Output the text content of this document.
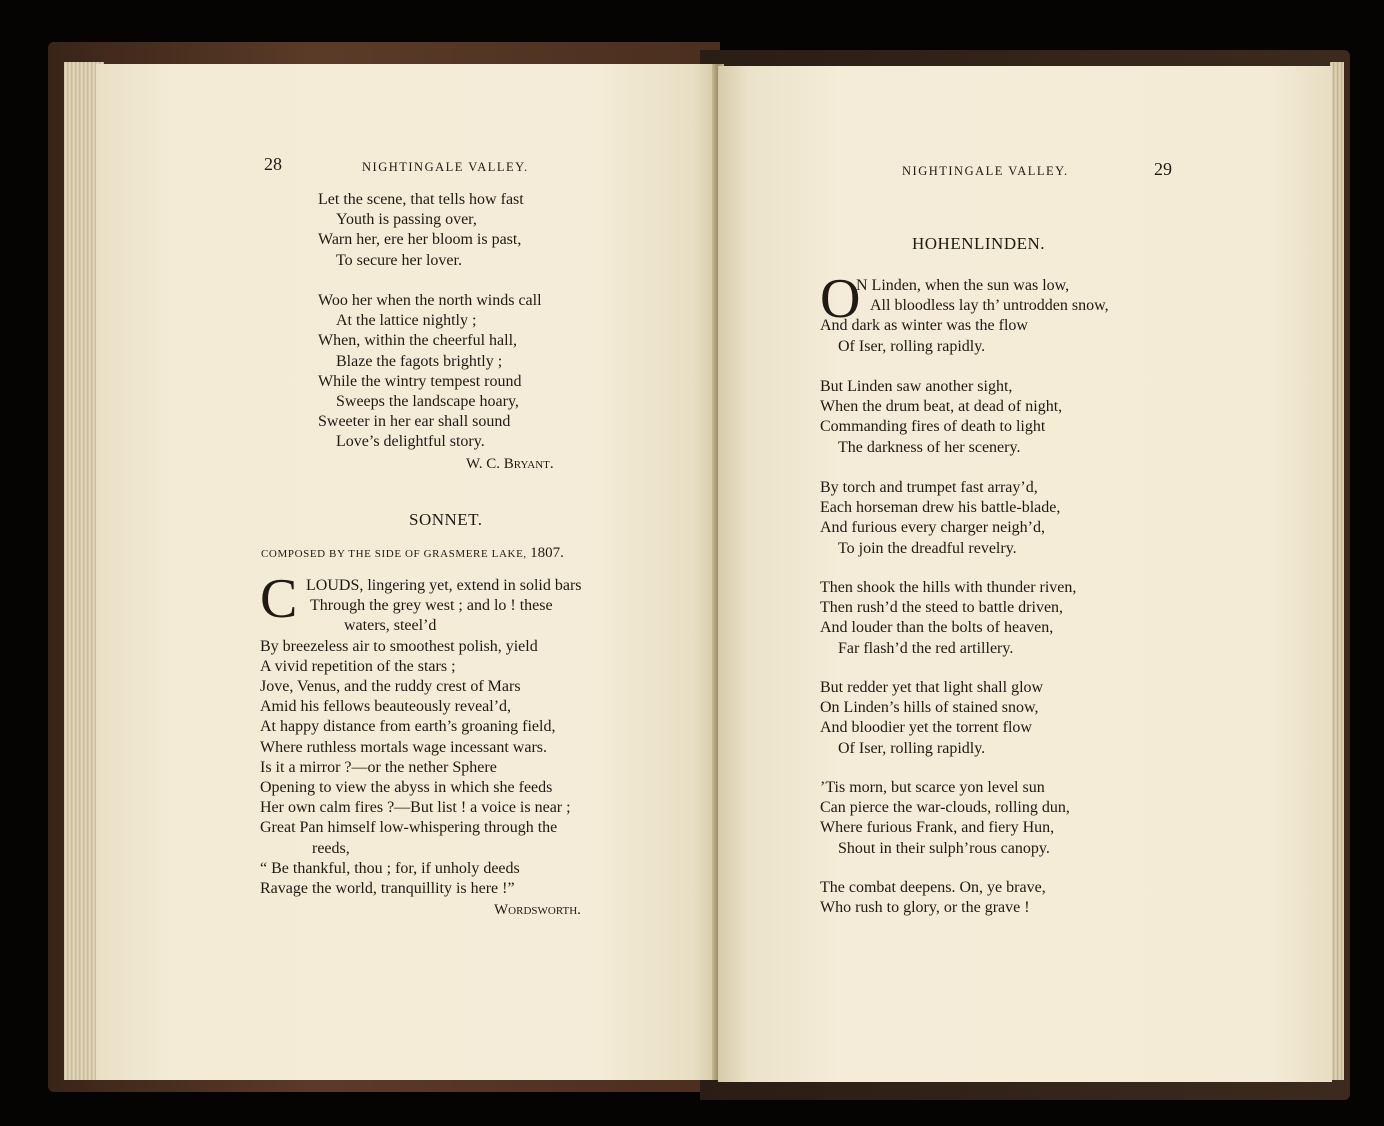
28	NIGHTINGALE VALLEY.
Let the scene, that tells how fast
Youth is passing over,
Warn her, ere her bloom is past,
To secure her lover.
Woo her when the north winds call
At the lattice nightly ;
When, within the cheerful hall,
Blaze the fagots brightly ;
While the wintry tempest round
Sweeps the landscape hoary,
Sweeter in her ear shall sound
Love’s delightful story.
W. C. Bryant.
SONNET.
COMPOSED BY THE SIDE OF GRASMERE LAKE, 1807.
C LOUDS, lingering yet, extend in solid bars
Through the grey west ; and lo ! these
waters, steel’d
By breezeless air to smoothest polish, yield
A vivid repetition of the stars ;
Jove, Venus, and the ruddy crest of Mars
Amid his fellows beauteously reveal’d,
At happy distance from earth’s groaning field,
Where ruthless mortals wage incessant wars.
Is it a mirror ?—or the nether Sphere
Opening to view the abyss in which she feeds
Her own calm fires ?—But list ! a voice is near ;
Great Pan himself low-whispering through the
reeds,
“ Be thankful, thou ; for, if unholy deeds
Ravage the world, tranquillity is here !”
Wordsworth.
NIGHTINGALE VALLEY.	29
HOHENLINDEN.
O
N Linden, when the sun was low,
All bloodless lay th’ untrodden snow,
And dark as winter was the flow
Of Iser, rolling rapidly.
But Linden saw another sight,
When the drum beat, at dead of night,
Commanding fires of death to light
The darkness of her scenery.
By torch and trumpet fast array’d,
Each horseman drew his battle-blade,
And furious every charger neigh’d,
To join the dreadful revelry.
Then shook the hills with thunder riven,
Then rush’d the steed to battle driven,
And louder than the bolts of heaven,
Far flash’d the red artillery.
But redder yet that light shall glow
On Linden’s hills of stained snow,
And bloodier yet the torrent flow
Of Iser, rolling rapidly.
’Tis morn, but scarce yon level sun
Can pierce the war-clouds, rolling dun,
Where furious Frank, and fiery Hun,
Shout in their sulph’rous canopy.
The combat deepens. On, ye brave,
Who rush to glory, or the grave !
